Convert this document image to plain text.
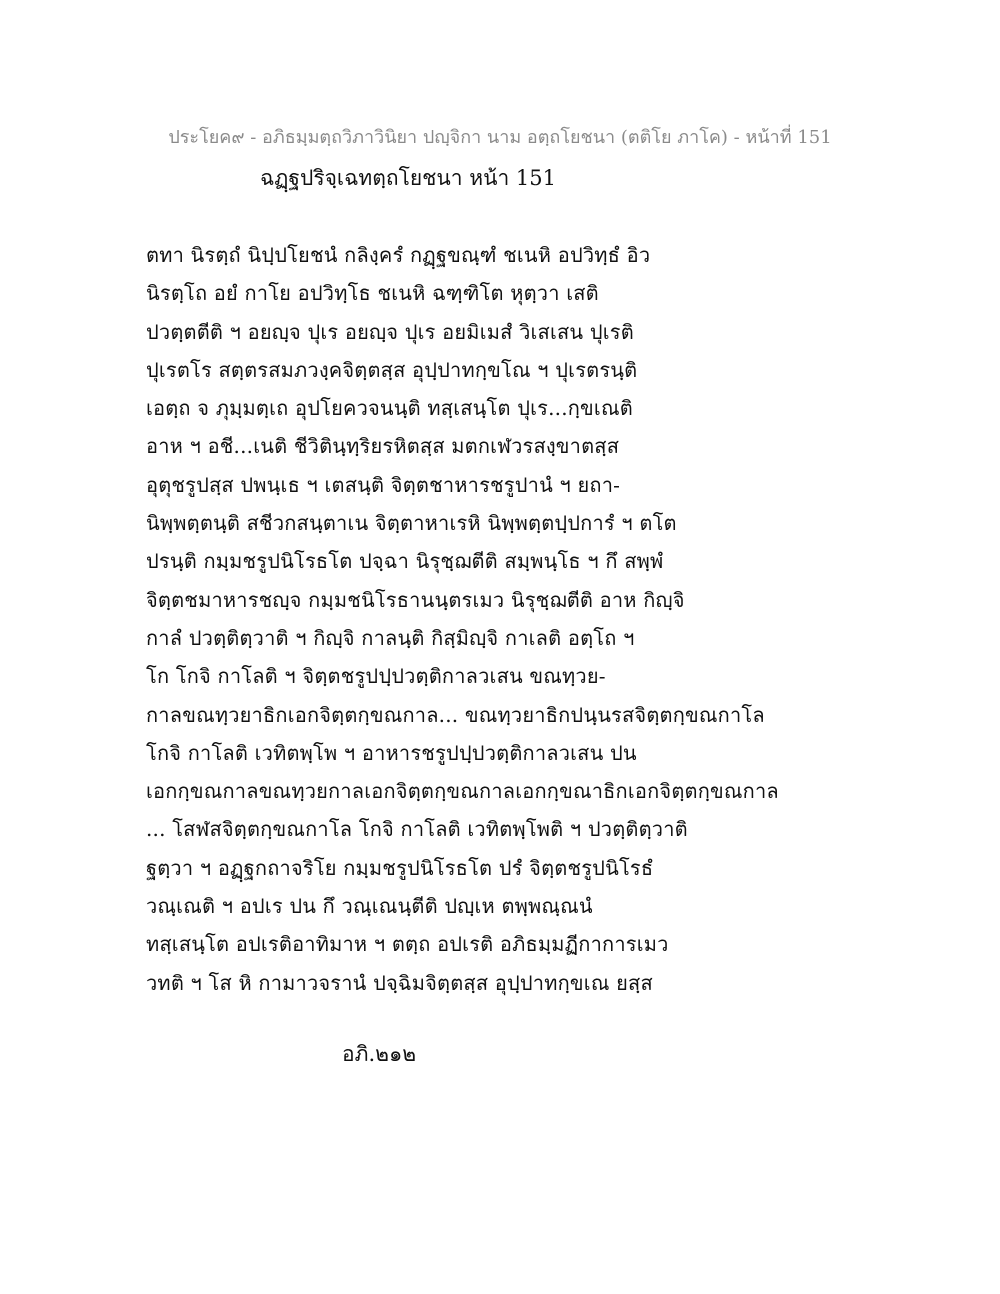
ประโยค๙ - อภิธมฺมตฺถวิภาวินิยา ปญฺจิกา นาม อตฺถโยชนา (ตติโย ภาโค) - หน้าที่ 151
ฉฏฺฐปริจฺเฉทตฺถโยชนา หน้า 151
ตทา นิรตฺถํ นิปฺปโยชนํ กลิงฺครํ กฏฺฐขณฺฑํ ชเนหิ อปวิทฺธํ อิว
นิรตฺโถ อยํ กาโย อปวิทฺโธ ชเนหิ ฉฑฺฑิโต หุตฺวา เสติ
ปวตฺตตีติ ฯ อยญฺจ ปุเร อยญฺจ ปุเร อยมิเมสํ วิเสเสน ปุเรติ
ปุเรตโร สตฺตรสมภวงฺคจิตฺตสฺส อุปฺปาทกฺขโณ ฯ ปุเรตรนฺติ
เอตฺถ จ ภุมฺมตฺเถ อุปโยควจนนฺติ ทสฺเสนฺโต ปุเร...กฺขเณติ
อาห ฯ อชี...เนติ ชีวิตินฺทฺริยรหิตสฺส มตกเฬวรสงฺขาตสฺส
อุตุชรูปสฺส ปพนฺเธ ฯ เตสนฺติ จิตฺตชาหารชรูปานํ ฯ ยถา-
นิพฺพตฺตนฺติ สชีวกสนฺตาเน จิตฺตาหาเรหิ นิพฺพตฺตปฺปการํ ฯ ตโต
ปรนฺติ กมฺมชรูปนิโรธโต ปจฺฉา นิรุชฺฌตีติ สมฺพนฺโธ ฯ กึ สพฺพํ
จิตฺตชมาหารชญฺจ กมฺมชนิโรธานนฺตรเมว นิรุชฺฌตีติ อาห กิญฺจิ
กาลํ ปวตฺติตฺวาติ ฯ กิญฺจิ กาลนฺติ กิสฺมิญฺจิ กาเลติ อตฺโถ ฯ
โก โกจิ กาโลติ ฯ จิตฺตชรูปปฺปวตฺติกาลวเสน ขณทฺวย-
กาลขณทฺวยาธิกเอกจิตฺตกฺขณกาล... ขณทฺวยาธิกปนฺนรสจิตฺตกฺขณกาโล
โกจิ กาโลติ เวทิตพฺโพ ฯ อาหารชรูปปฺปวตฺติกาลวเสน ปน
เอกกฺขณกาลขณทฺวยกาลเอกจิตฺตกฺขณกาลเอกกฺขณาธิกเอกจิตฺตกฺขณกาล
... โสฬสจิตฺตกฺขณกาโล โกจิ กาโลติ เวทิตพฺโพติ ฯ ปวตฺติตฺวาติ
ฐตฺวา ฯ อฏฺฐกถาจริโย กมฺมชรูปนิโรธโต ปรํ จิตฺตชรูปนิโรธํ
วณฺเณติ ฯ อปเร ปน กึ วณฺเณนฺตีติ ปญฺเห ตพฺพณฺณนํ
ทสฺเสนฺโต อปเรติอาทิมาห ฯ ตตฺถ อปเรติ อภิธมฺมฏีกาการเมว
วทติ ฯ โส หิ กามาวจรานํ ปจฺฉิมจิตฺตสฺส อุปฺปาทกฺขเณ ยสฺส
อภิ.๒๑๒
